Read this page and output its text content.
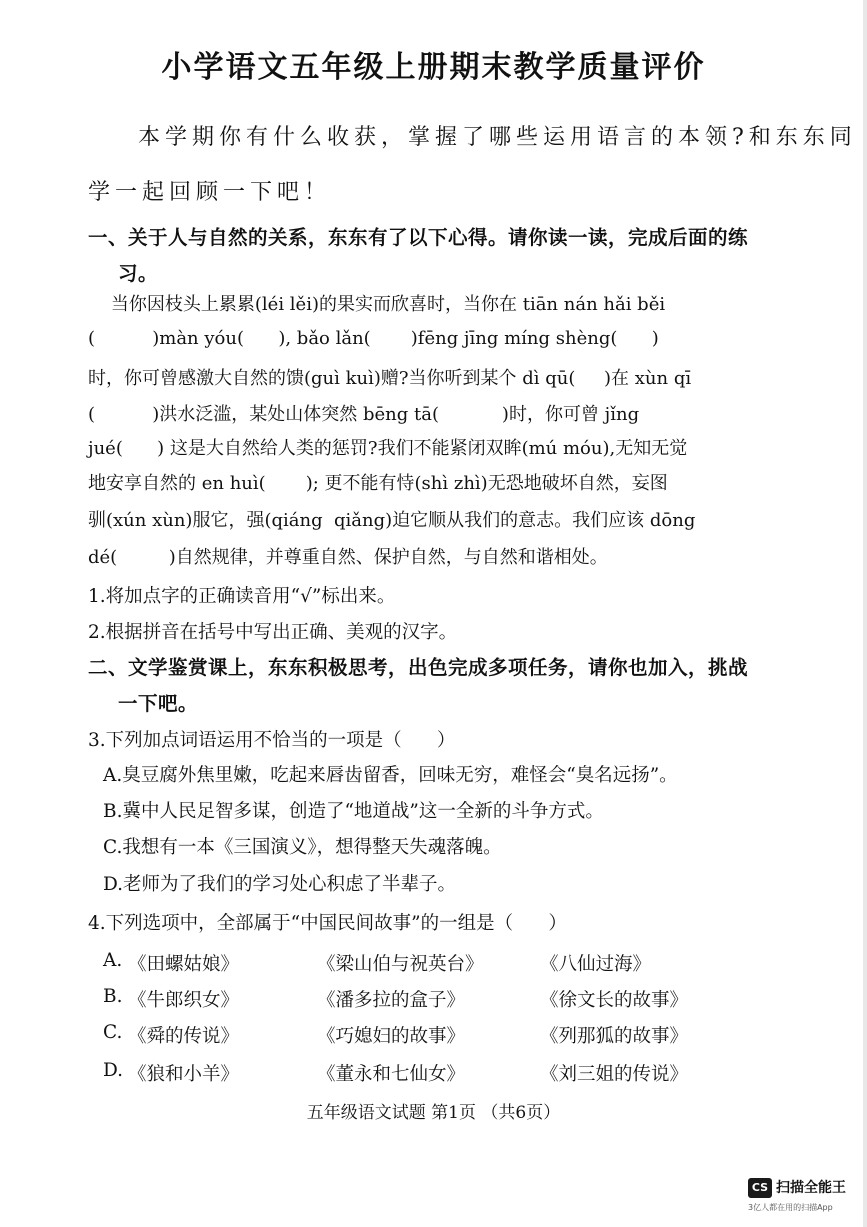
小学语文五年级上册期末教学质量评价
本学期你有什么收获，掌握了哪些运用语言的本领?和东东同
学一起回顾一下吧！
一、关于人与自然的关系，东东有了以下心得。请你读一读，完成后面的练
习。
当你因枝头上累累(léi lěi)的果实而欣喜时，当你在 tiān nán hǎi běi
(          )màn yóu(      ), bǎo lǎn(       )fēng jīng míng shèng(      )
时，你可曾感激大自然的馈(guì kuì)赠?当你听到某个 dì qū(     )在 xùn qī
(          )洪水泛滥，某处山体突然 bēng tā(           )时，你可曾 jǐng
jué(      ) 这是大自然给人类的惩罚?我们不能紧闭双眸(mú móu),无知无觉
地安享自然的 en huì(       ); 更不能有恃(shì zhì)无恐地破坏自然，妄图
驯(xún xùn)服它，强(qiáng  qiǎng)迫它顺从我们的意志。我们应该 dōng
dé(         )自然规律，并尊重自然、保护自然，与自然和谐相处。
1.将加点字的正确读音用“√”标出来。
2.根据拼音在括号中写出正确、美观的汉字。
二、文学鉴赏课上，东东积极思考，出色完成多项任务，请你也加入，挑战
一下吧。
3.下列加点词语运用不恰当的一项是（      ）
A.臭豆腐外焦里嫩，吃起来唇齿留香，回味无穷，难怪会“臭名远扬”。
B.冀中人民足智多谋，创造了“地道战”这一全新的斗争方式。
C.我想有一本《三国演义》，想得整天失魂落魄。
D.老师为了我们的学习处心积虑了半辈子。
4.下列选项中，全部属于“中国民间故事”的一组是（      ）
A. 《田螺姑娘》	《梁山伯与祝英台》	《八仙过海》
B. 《牛郎织女》	《潘多拉的盒子》	《徐文长的故事》
C. 《舜的传说》	《巧媳妇的故事》	《列那狐的故事》
D. 《狼和小羊》	《董永和七仙女》	《刘三姐的传说》
五年级语文试题 第1页 （共6页）
CS 扫描全能王
3亿人都在用的扫描App
